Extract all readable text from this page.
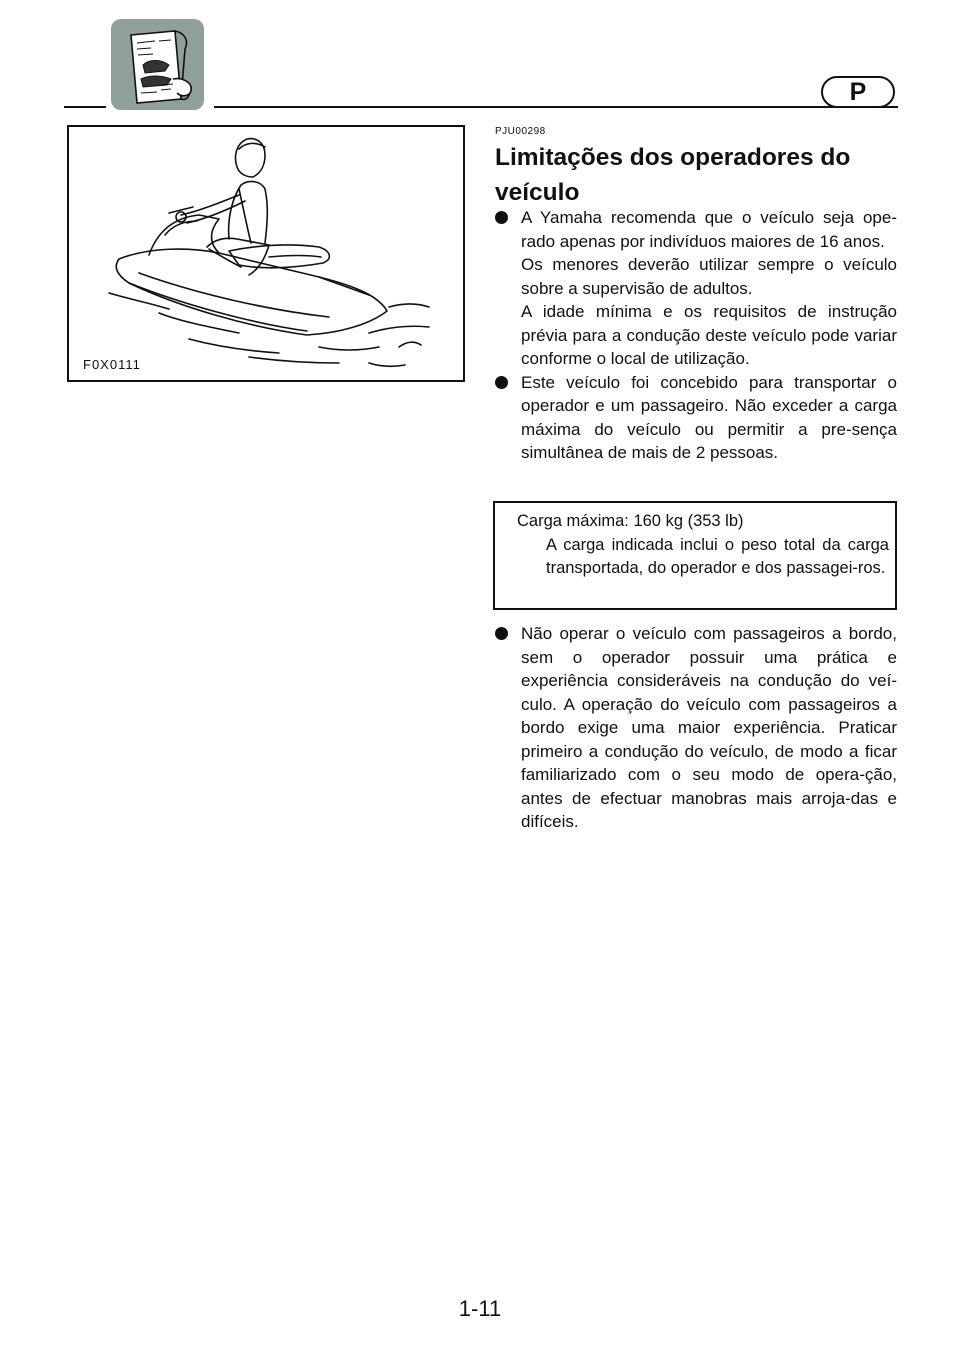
P
F0X0111
PJU00298
Limitações dos operadores do
veículo

A Yamaha recomenda que o veículo seja ope-rado apenas por indivíduos maiores de 16 anos.

Os menores deverão utilizar sempre o veículo sobre a supervisão de adultos.

A idade mínima e os requisitos de instrução prévia para a condução deste veículo pode variar conforme o local de utilização.

Este veículo foi concebido para transportar o operador e um passageiro. Não exceder a carga máxima do veículo ou permitir a pre-sença simultânea de mais de 2 pessoas.

Carga máxima: 160 kg (353 lb)
A carga indicada inclui o peso total da carga transportada, do operador e dos passagei-ros.

Não operar o veículo com passageiros a bordo, sem o operador possuir uma prática e experiência consideráveis na condução do veí-culo. A operação do veículo com passageiros a bordo exige uma maior experiência. Praticar primeiro a condução do veículo, de modo a ficar familiarizado com o seu modo de opera-ção, antes de efectuar manobras mais arroja-das e difíceis.

1-11
